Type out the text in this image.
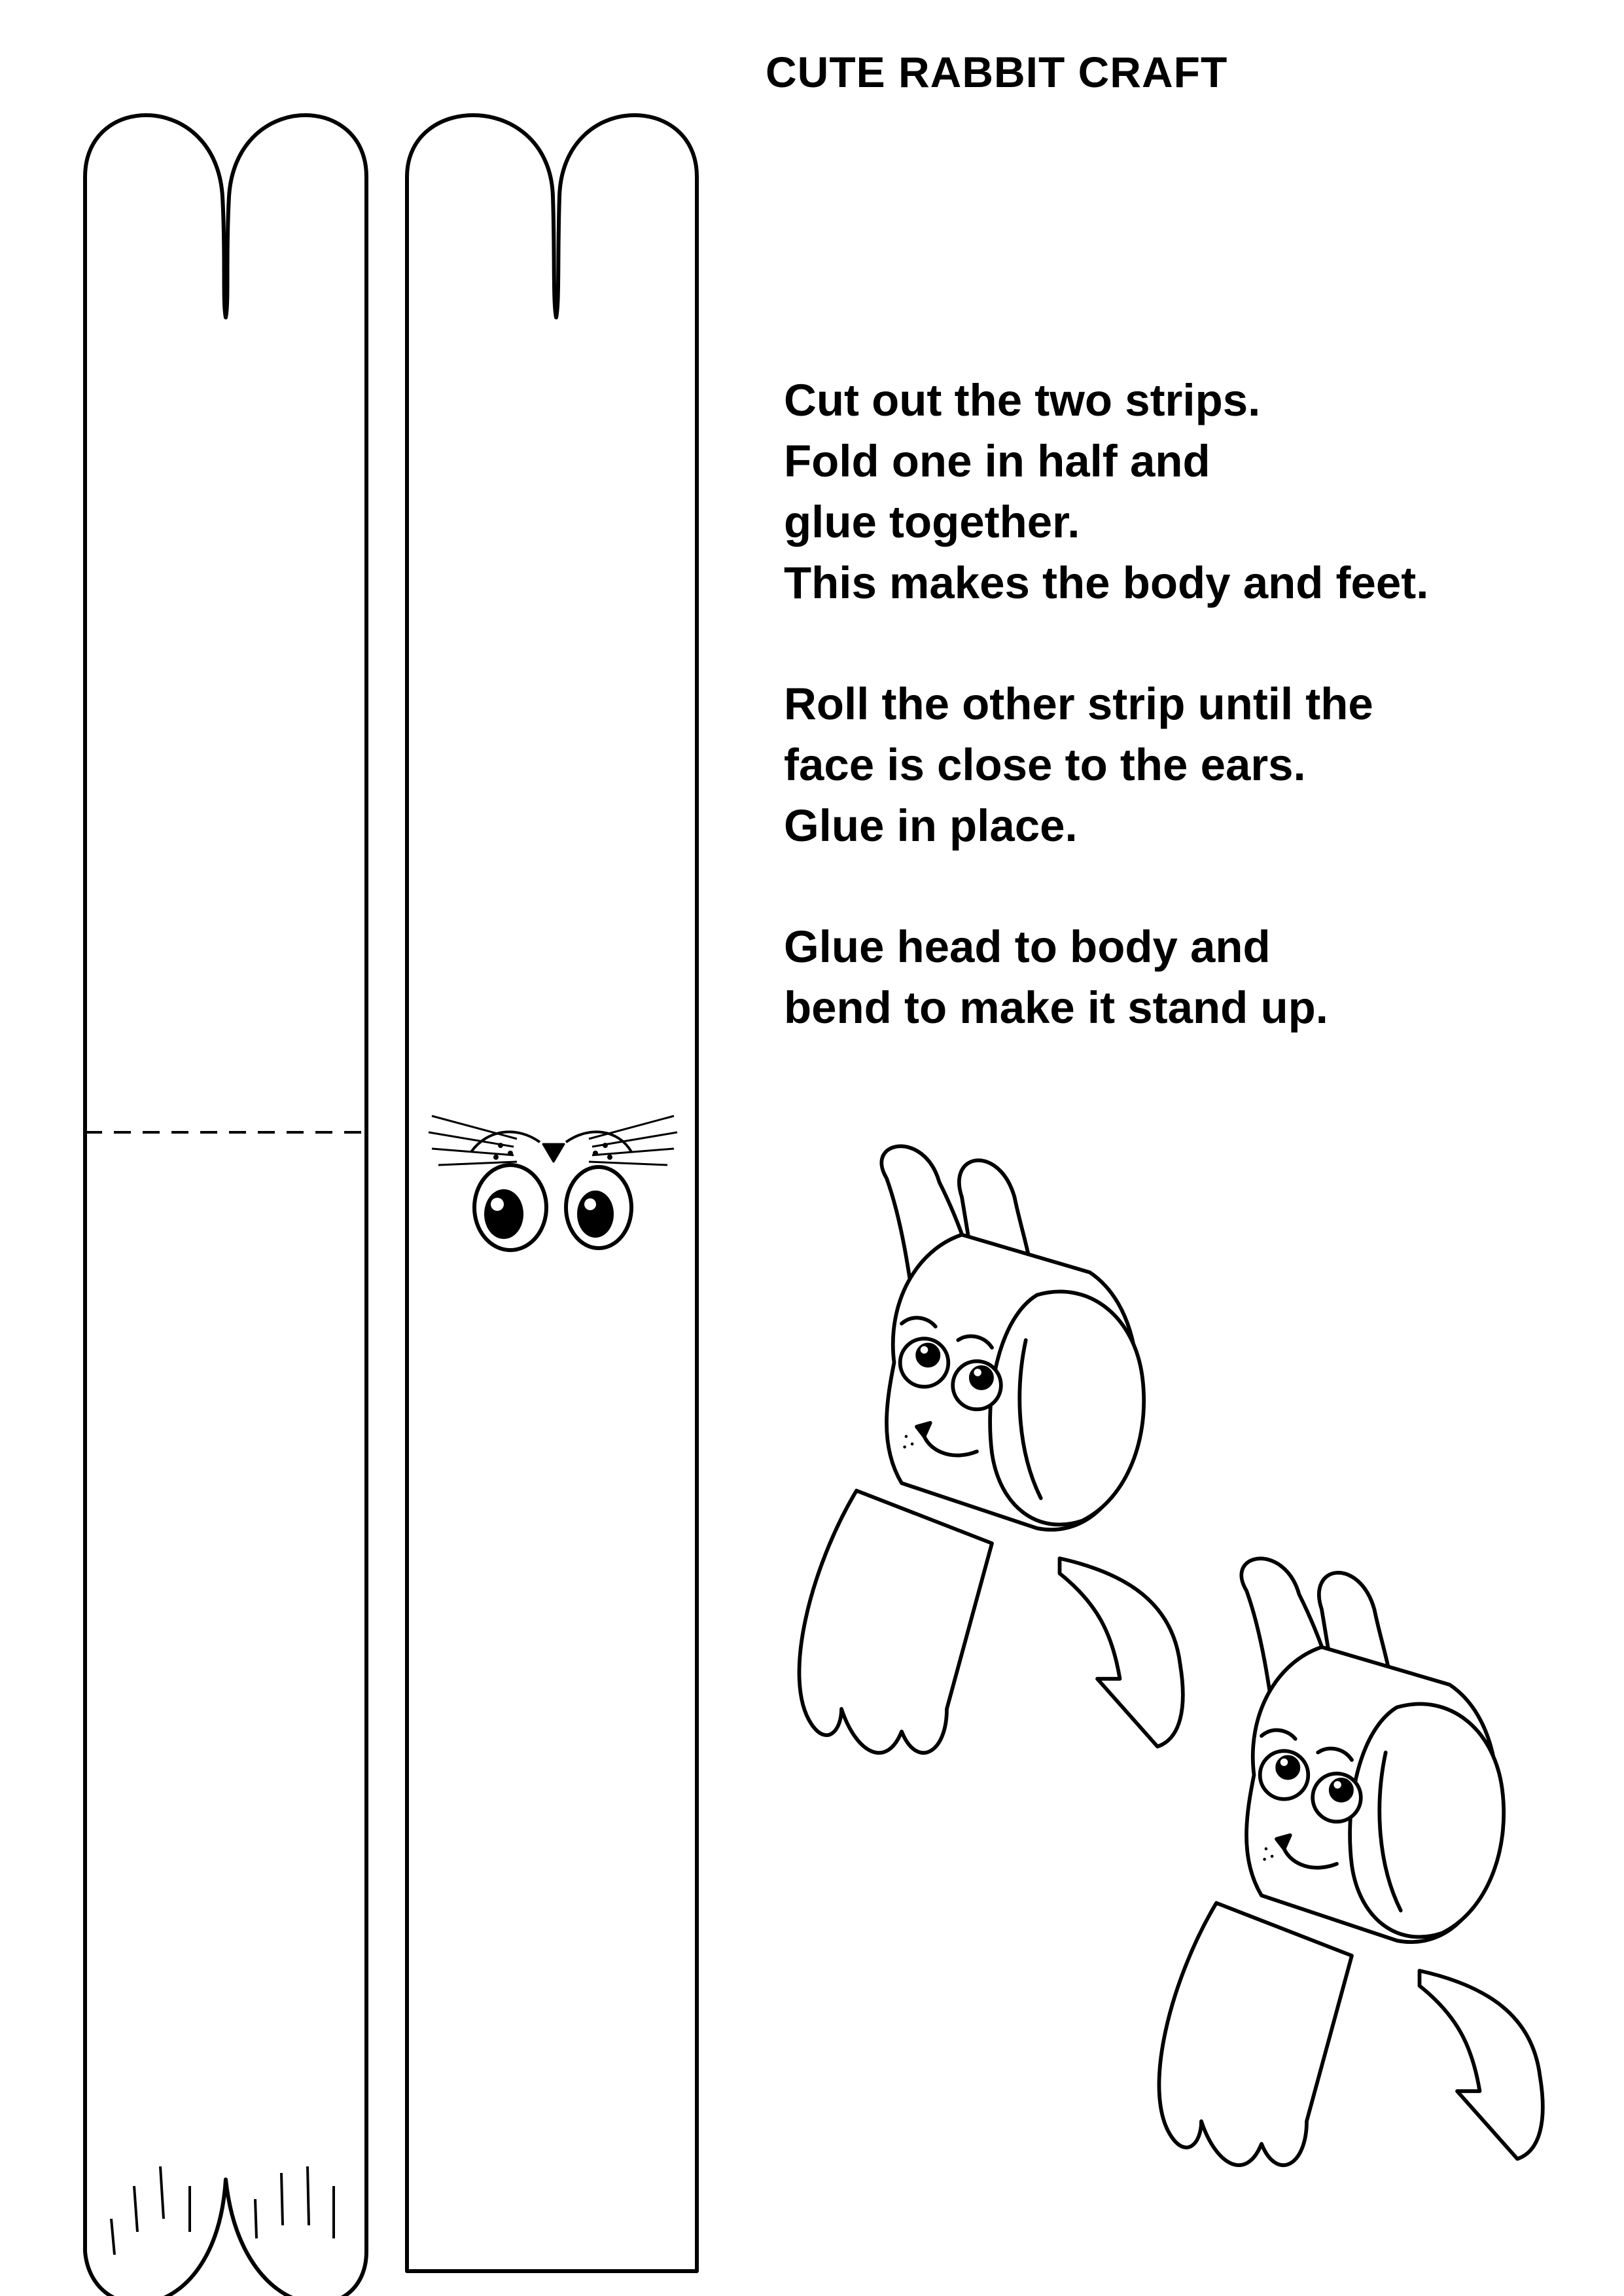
CUTE RABBIT CRAFT

Cut out the two strips.

Fold one in half and

glue together.

This makes the body and feet.

Roll the other strip until the

face is close to the ears.

Glue in place.

Glue head to body and

bend to make it stand up.
